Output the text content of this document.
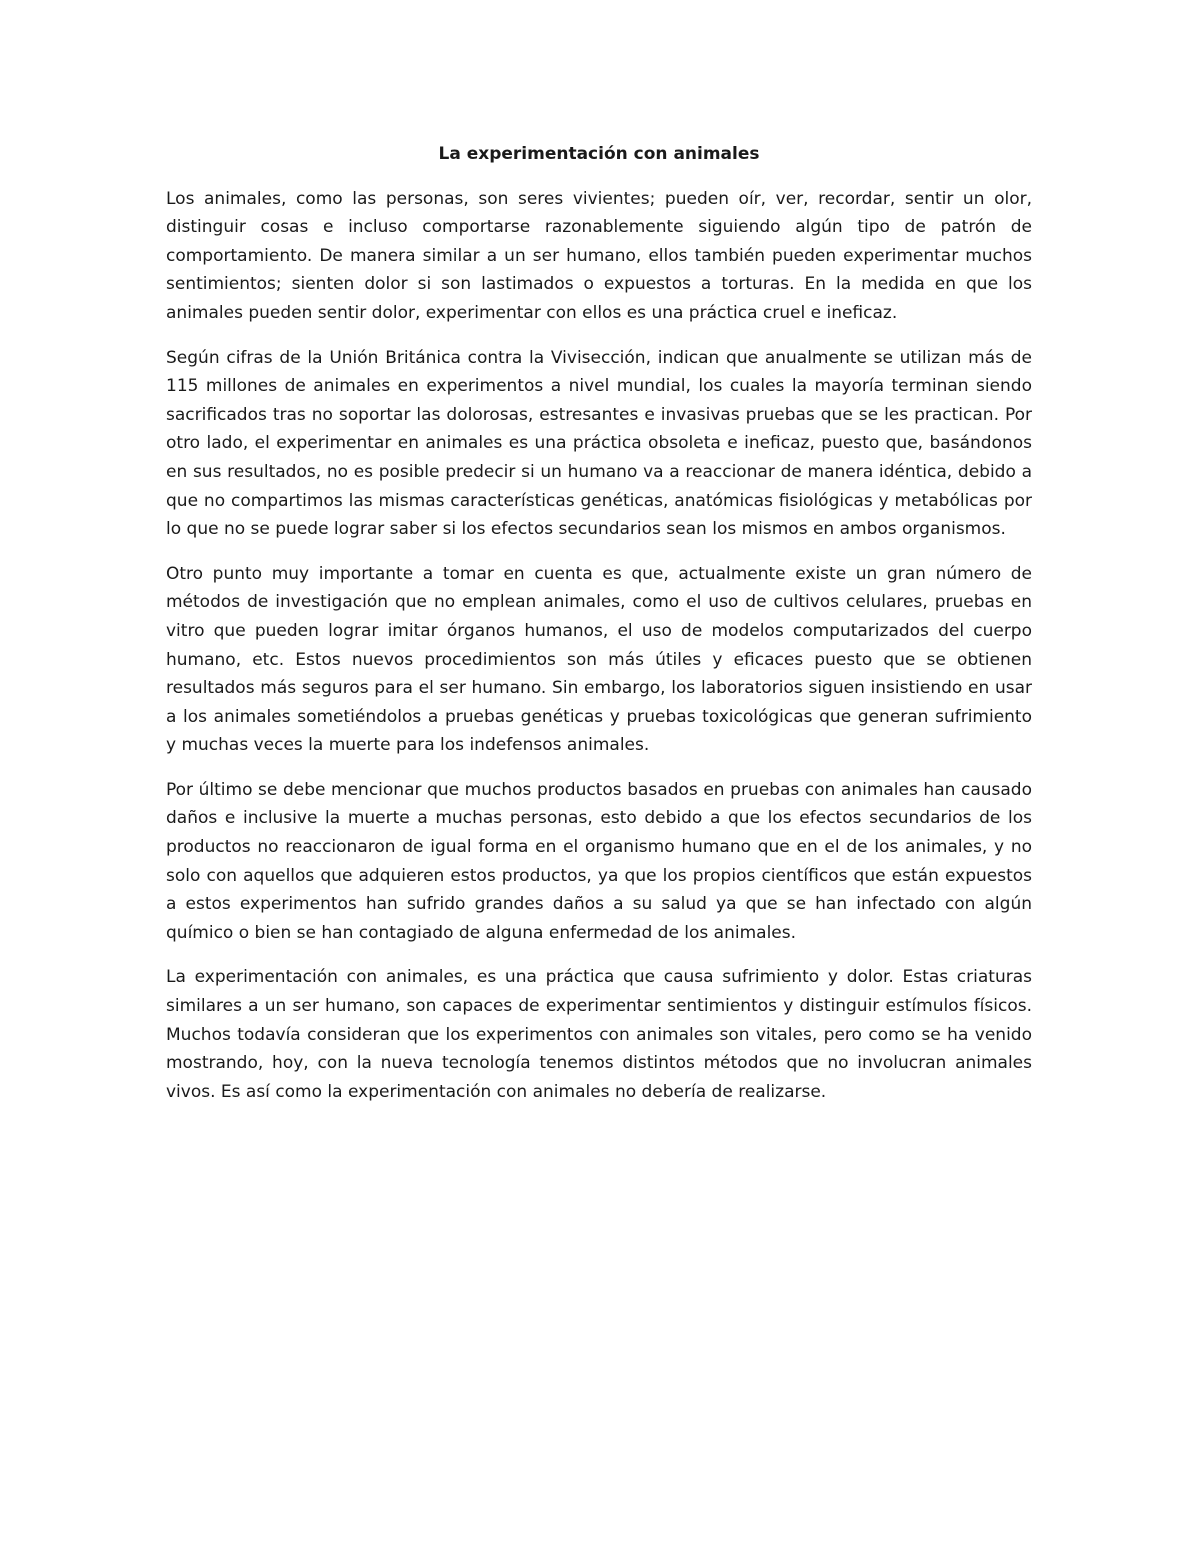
La experimentación con animales

Los animales, como las personas, son seres vivientes; pueden oír, ver, recordar, sentir un olor, distinguir cosas e incluso comportarse razonablemente siguiendo algún tipo de patrón de comportamiento. De manera similar a un ser humano, ellos también pueden experimentar muchos sentimientos; sienten dolor si son lastimados o expuestos a torturas. En la medida en que los animales pueden sentir dolor, experimentar con ellos es una práctica cruel e ineficaz.

Según cifras de la Unión Británica contra la Vivisección, indican que anualmente se utilizan más de 115 millones de animales en experimentos a nivel mundial, los cuales la mayoría terminan siendo sacrificados tras no soportar las dolorosas, estresantes e invasivas pruebas que se les practican. Por otro lado, el experimentar en animales es una práctica obsoleta e ineficaz, puesto que, basándonos en sus resultados, no es posible predecir si un humano va a reaccionar de manera idéntica, debido a que no compartimos las mismas características genéticas, anatómicas fisiológicas y metabólicas por lo que no se puede lograr saber si los efectos secundarios sean los mismos en ambos organismos.

Otro punto muy importante a tomar en cuenta es que, actualmente existe un gran número de métodos de investigación que no emplean animales, como el uso de cultivos celulares, pruebas en vitro que pueden lograr imitar órganos humanos, el uso de modelos computarizados del cuerpo humano, etc. Estos nuevos procedimientos son más útiles y eficaces puesto que se obtienen resultados más seguros para el ser humano. Sin embargo, los laboratorios siguen insistiendo en usar a los animales sometiéndolos a pruebas genéticas y pruebas toxicológicas que generan sufrimiento y muchas veces la muerte para los indefensos animales.

Por último se debe mencionar que muchos productos basados en pruebas con animales han causado daños e inclusive la muerte a muchas personas, esto debido a que los efectos secundarios de los productos no reaccionaron de igual forma en el organismo humano que en el de los animales, y no solo con aquellos que adquieren estos productos, ya que los propios científicos que están expuestos a estos experimentos han sufrido grandes daños a su salud ya que se han infectado con algún químico o bien se han contagiado de alguna enfermedad de los animales.

La experimentación con animales, es una práctica que causa sufrimiento y dolor. Estas criaturas similares a un ser humano, son capaces de experimentar sentimientos y distinguir estímulos físicos. Muchos todavía consideran que los experimentos con animales son vitales, pero como se ha venido mostrando, hoy, con la nueva tecnología tenemos distintos métodos que no involucran animales vivos. Es así como la experimentación con animales no debería de realizarse.
